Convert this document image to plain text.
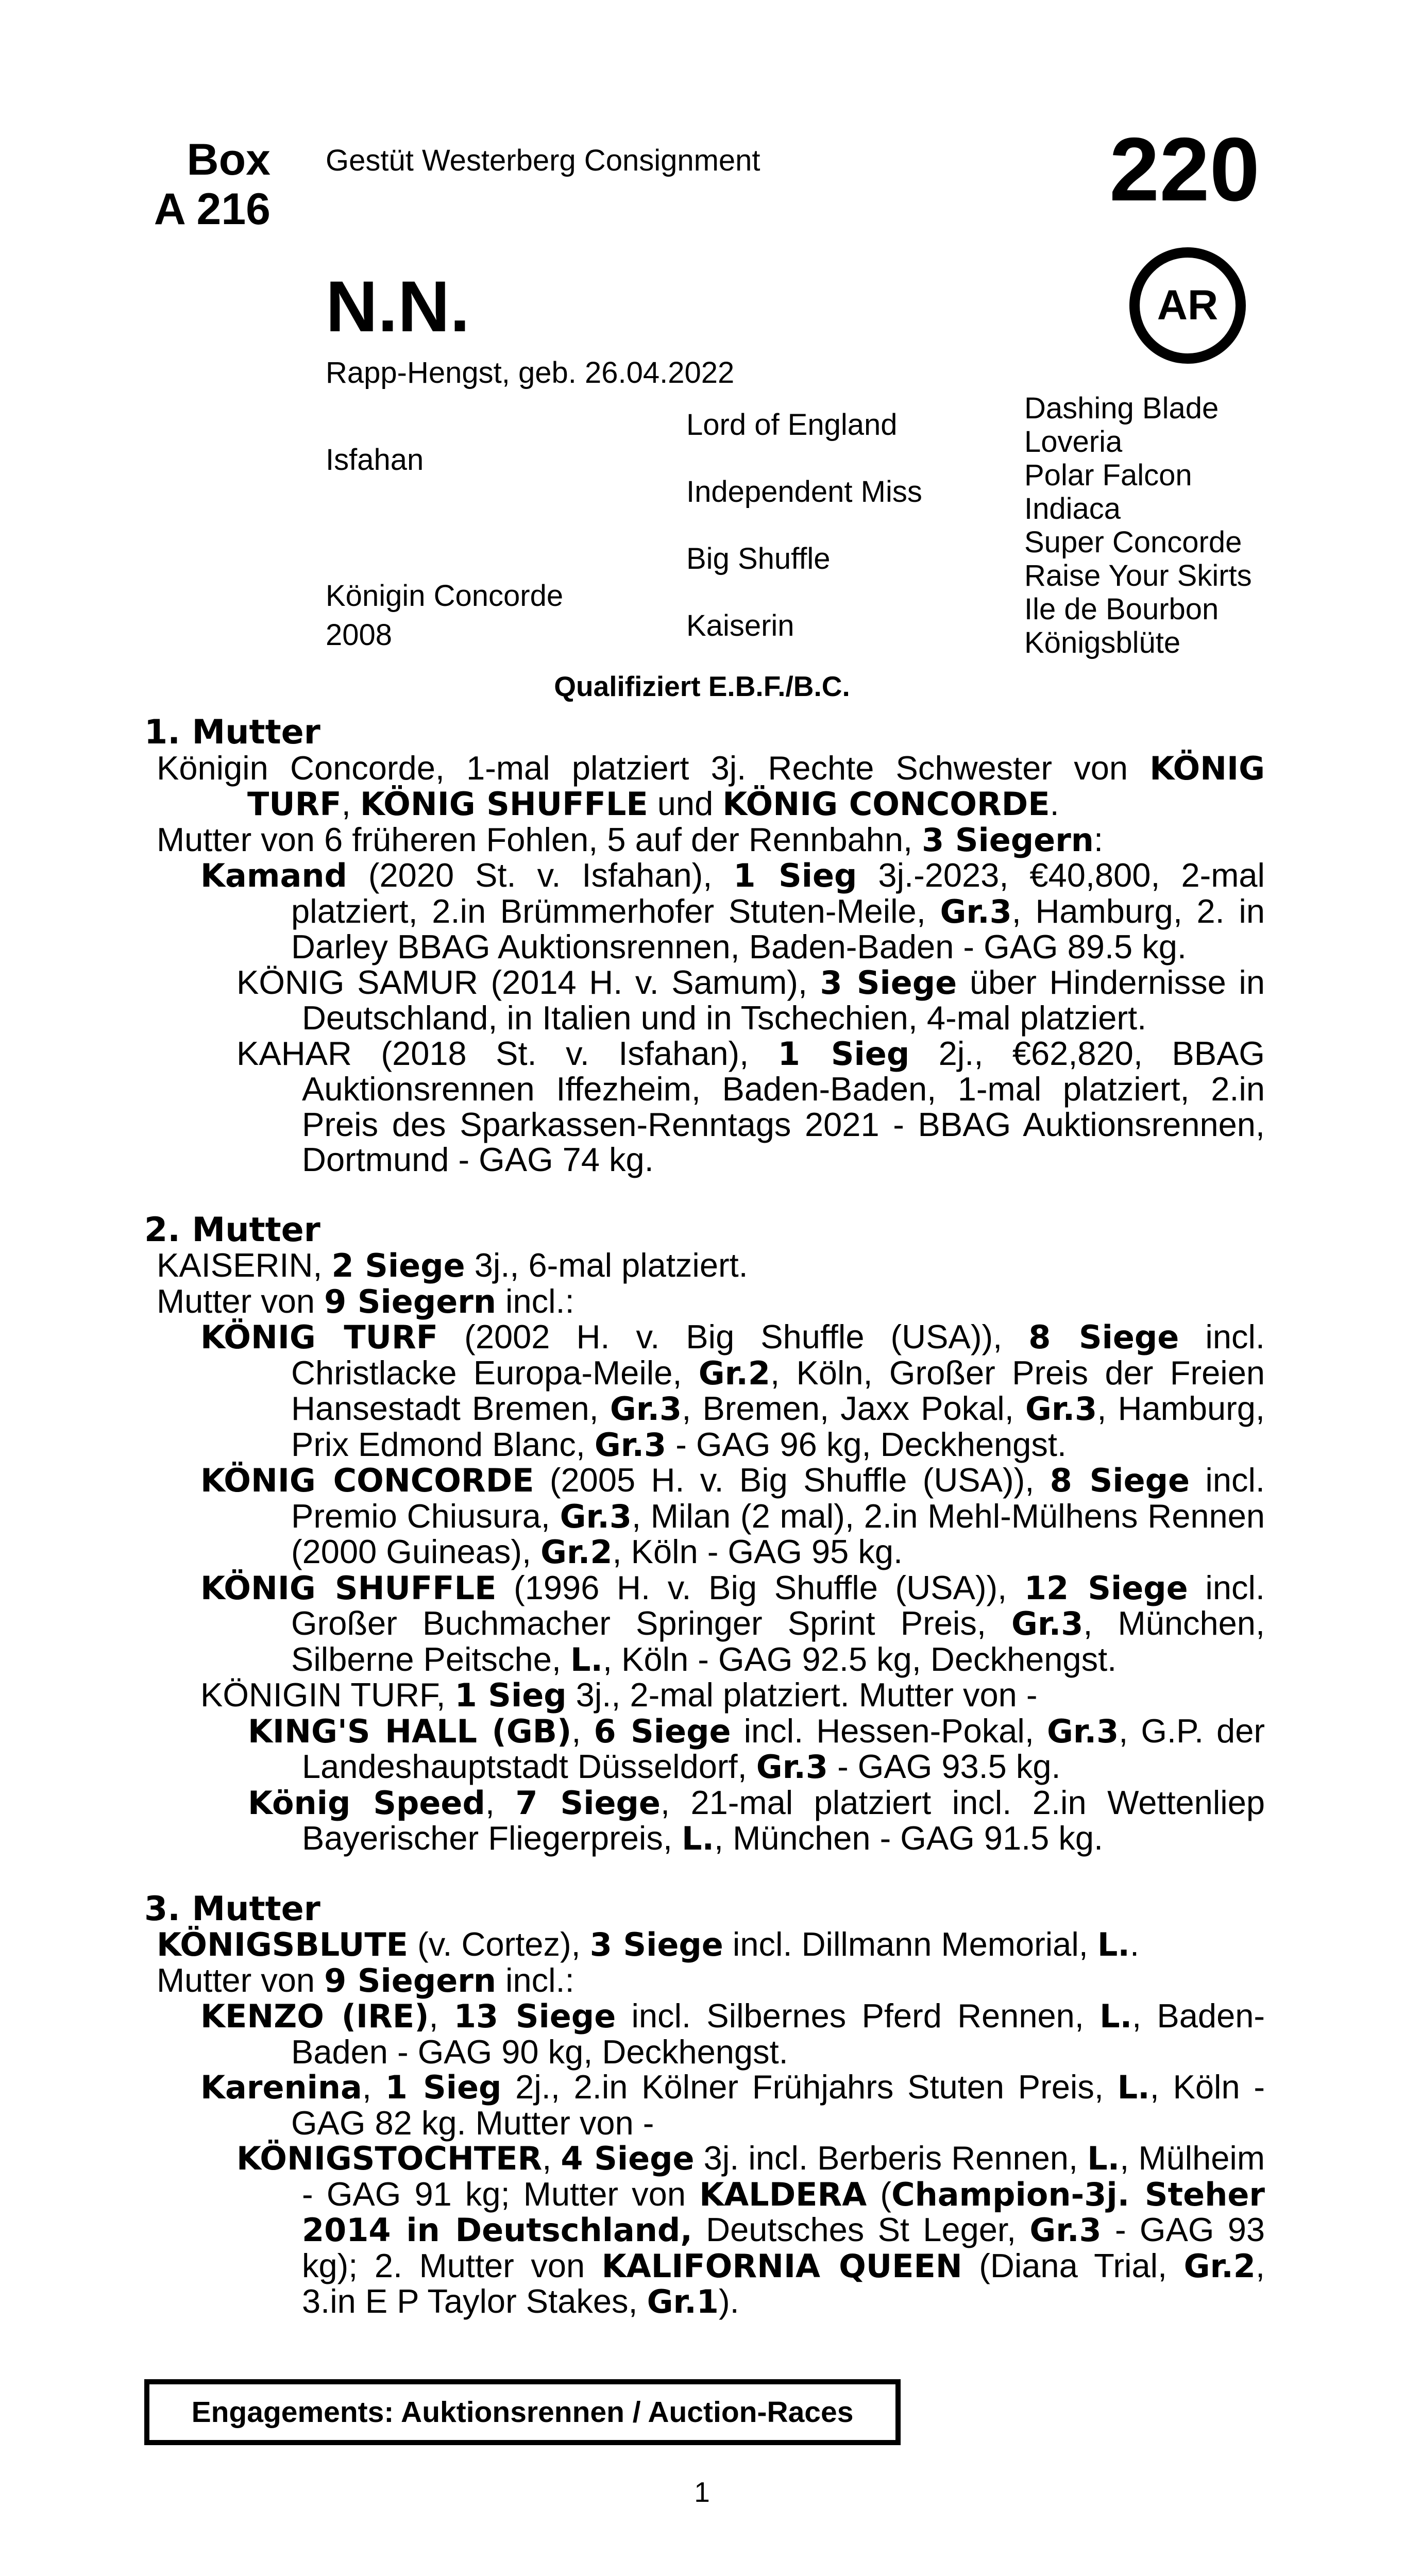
Box
A 216
Gestüt Westerberg Consignment	220
AR
N.N.
Rapp-Hengst, geb. 26.04.2022
Isfahan
Königin Concorde
2008
Lord of England
Independent Miss
Big Shuffle
Kaiserin
Dashing Blade
Loveria
Polar Falcon
Indiaca
Super Concorde
Raise Your Skirts
Ile de Bourbon
Königsblüte
Qualifiziert E.B.F./B.C.

1. Mutter

Königin Concorde, 1-mal platziert 3j. Rechte Schwester von KÖNIG TURF, KÖNIG SHUFFLE und KÖNIG CONCORDE.

Mutter von 6 früheren Fohlen, 5 auf der Rennbahn, 3 Siegern:

Kamand (2020 St. v. Isfahan), 1 Sieg 3j.-2023, €40,800, 2-mal platziert, 2.in Brümmerhofer Stuten-Meile, Gr.3, Hamburg, 2. in Darley BBAG Auktionsrennen, Baden-Baden - GAG 89.5 kg.

KÖNIG SAMUR (2014 H. v. Samum), 3 Siege über Hindernisse in Deutschland, in Italien und in Tschechien, 4-mal platziert.

KAHAR (2018 St. v. Isfahan), 1 Sieg 2j., €62,820, BBAG Auktionsrennen Iffezheim, Baden-Baden, 1-mal platziert, 2.in Preis des Sparkassen-Renntags 2021 - BBAG Auktionsrennen, Dortmund - GAG 74 kg.

2. Mutter

KAISERIN, 2 Siege 3j., 6-mal platziert.

Mutter von 9 Siegern incl.:

KÖNIG TURF (2002 H. v. Big Shuffle (USA)), 8 Siege incl. Christlacke Europa-Meile, Gr.2, Köln, Großer Preis der Freien Hansestadt Bremen, Gr.3, Bremen, Jaxx Pokal, Gr.3, Hamburg, Prix Edmond Blanc, Gr.3 - GAG 96 kg, Deckhengst.

KÖNIG CONCORDE (2005 H. v. Big Shuffle (USA)), 8 Siege incl. Premio Chiusura, Gr.3, Milan (2 mal), 2.in Mehl-Mülhens Rennen (2000 Guineas), Gr.2, Köln - GAG 95 kg.

KÖNIG SHUFFLE (1996 H. v. Big Shuffle (USA)), 12 Siege incl. Großer Buchmacher Springer Sprint Preis, Gr.3, München, Silberne Peitsche, L., Köln - GAG 92.5 kg, Deckhengst.

KÖNIGIN TURF, 1 Sieg 3j., 2-mal platziert. Mutter von -

KING'S HALL (GB), 6 Siege incl. Hessen-Pokal, Gr.3, G.P. der Landeshauptstadt Düsseldorf, Gr.3 - GAG 93.5 kg.

König Speed, 7 Siege, 21-mal platziert incl. 2.in Wettenliep Bayerischer Fliegerpreis, L., München - GAG 91.5 kg.

3. Mutter

KÖNIGSBLUTE (v. Cortez), 3 Siege incl. Dillmann Memorial, L..

Mutter von 9 Siegern incl.:

KENZO (IRE), 13 Siege incl. Silbernes Pferd Rennen, L., Baden-Baden - GAG 90 kg, Deckhengst.

Karenina, 1 Sieg 2j., 2.in Kölner Frühjahrs Stuten Preis, L., Köln - GAG 82 kg. Mutter von -

KÖNIGSTOCHTER, 4 Siege 3j. incl. Berberis Rennen, L., Mülheim - GAG 91 kg; Mutter von KALDERA (Champion-3j. Steher 2014 in Deutschland, Deutsches St Leger, Gr.3 - GAG 93 kg); 2. Mutter von KALIFORNIA QUEEN (Diana Trial, Gr.2, 3.in E P Taylor Stakes, Gr.1).

Engagements: Auktionsrennen / Auction-Races
1
